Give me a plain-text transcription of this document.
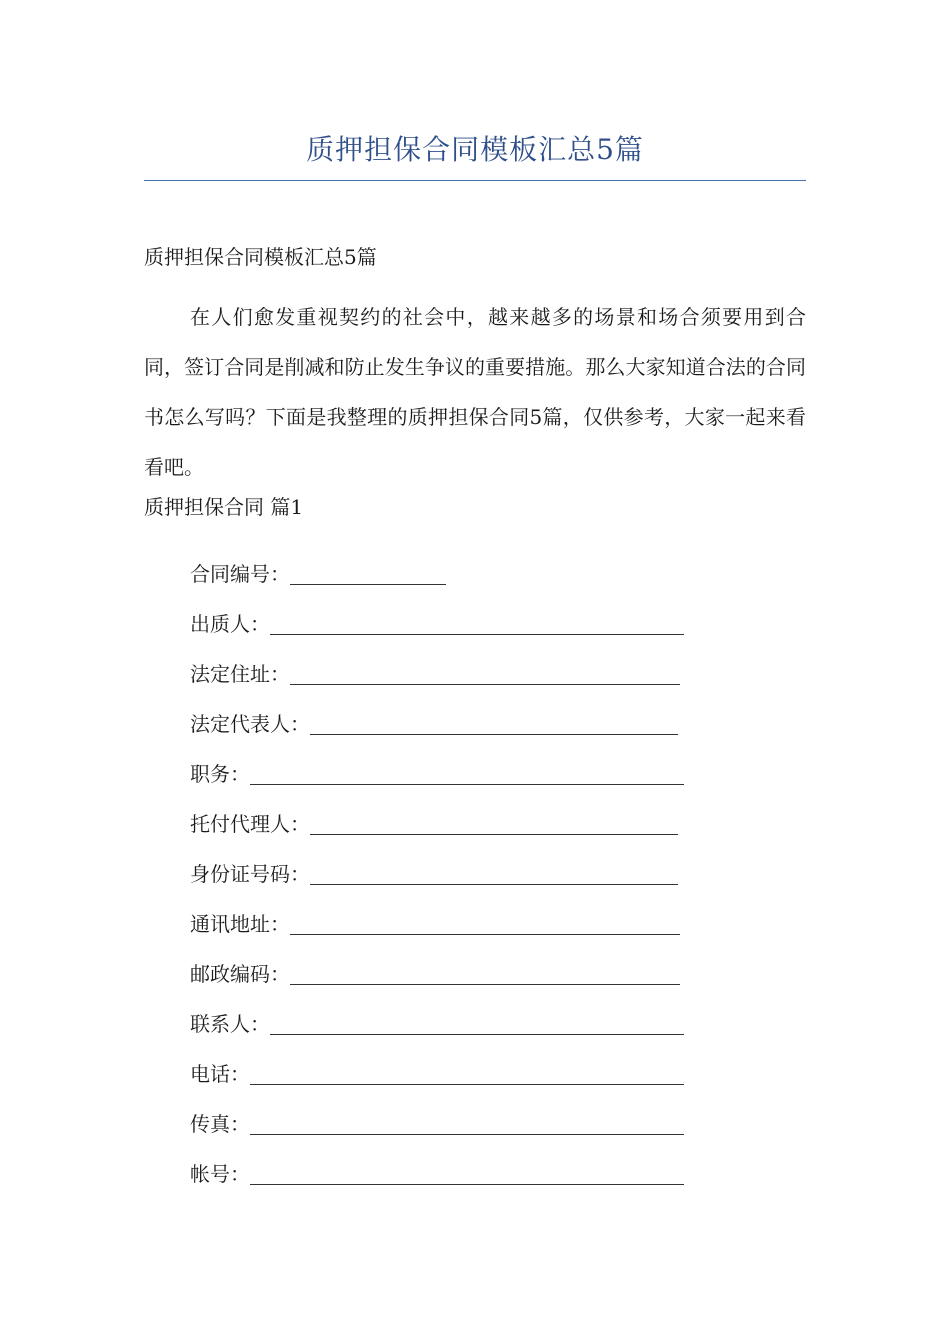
质押担保合同模板汇总5篇
质押担保合同模板汇总5篇

在人们愈发重视契约的社会中，越来越多的场景和场合须要用到合同，签订合同是削减和防止发生争议的重要措施。那么大家知道合法的合同书怎么写吗？下面是我整理的质押担保合同5篇，仅供参考，大家一起来看看吧。

质押担保合同 篇1
合同编号：
出质人：
法定住址：
法定代表人：
职务：
托付代理人：
身份证号码：
通讯地址：
邮政编码：
联系人：
电话：
传真：
帐号：
